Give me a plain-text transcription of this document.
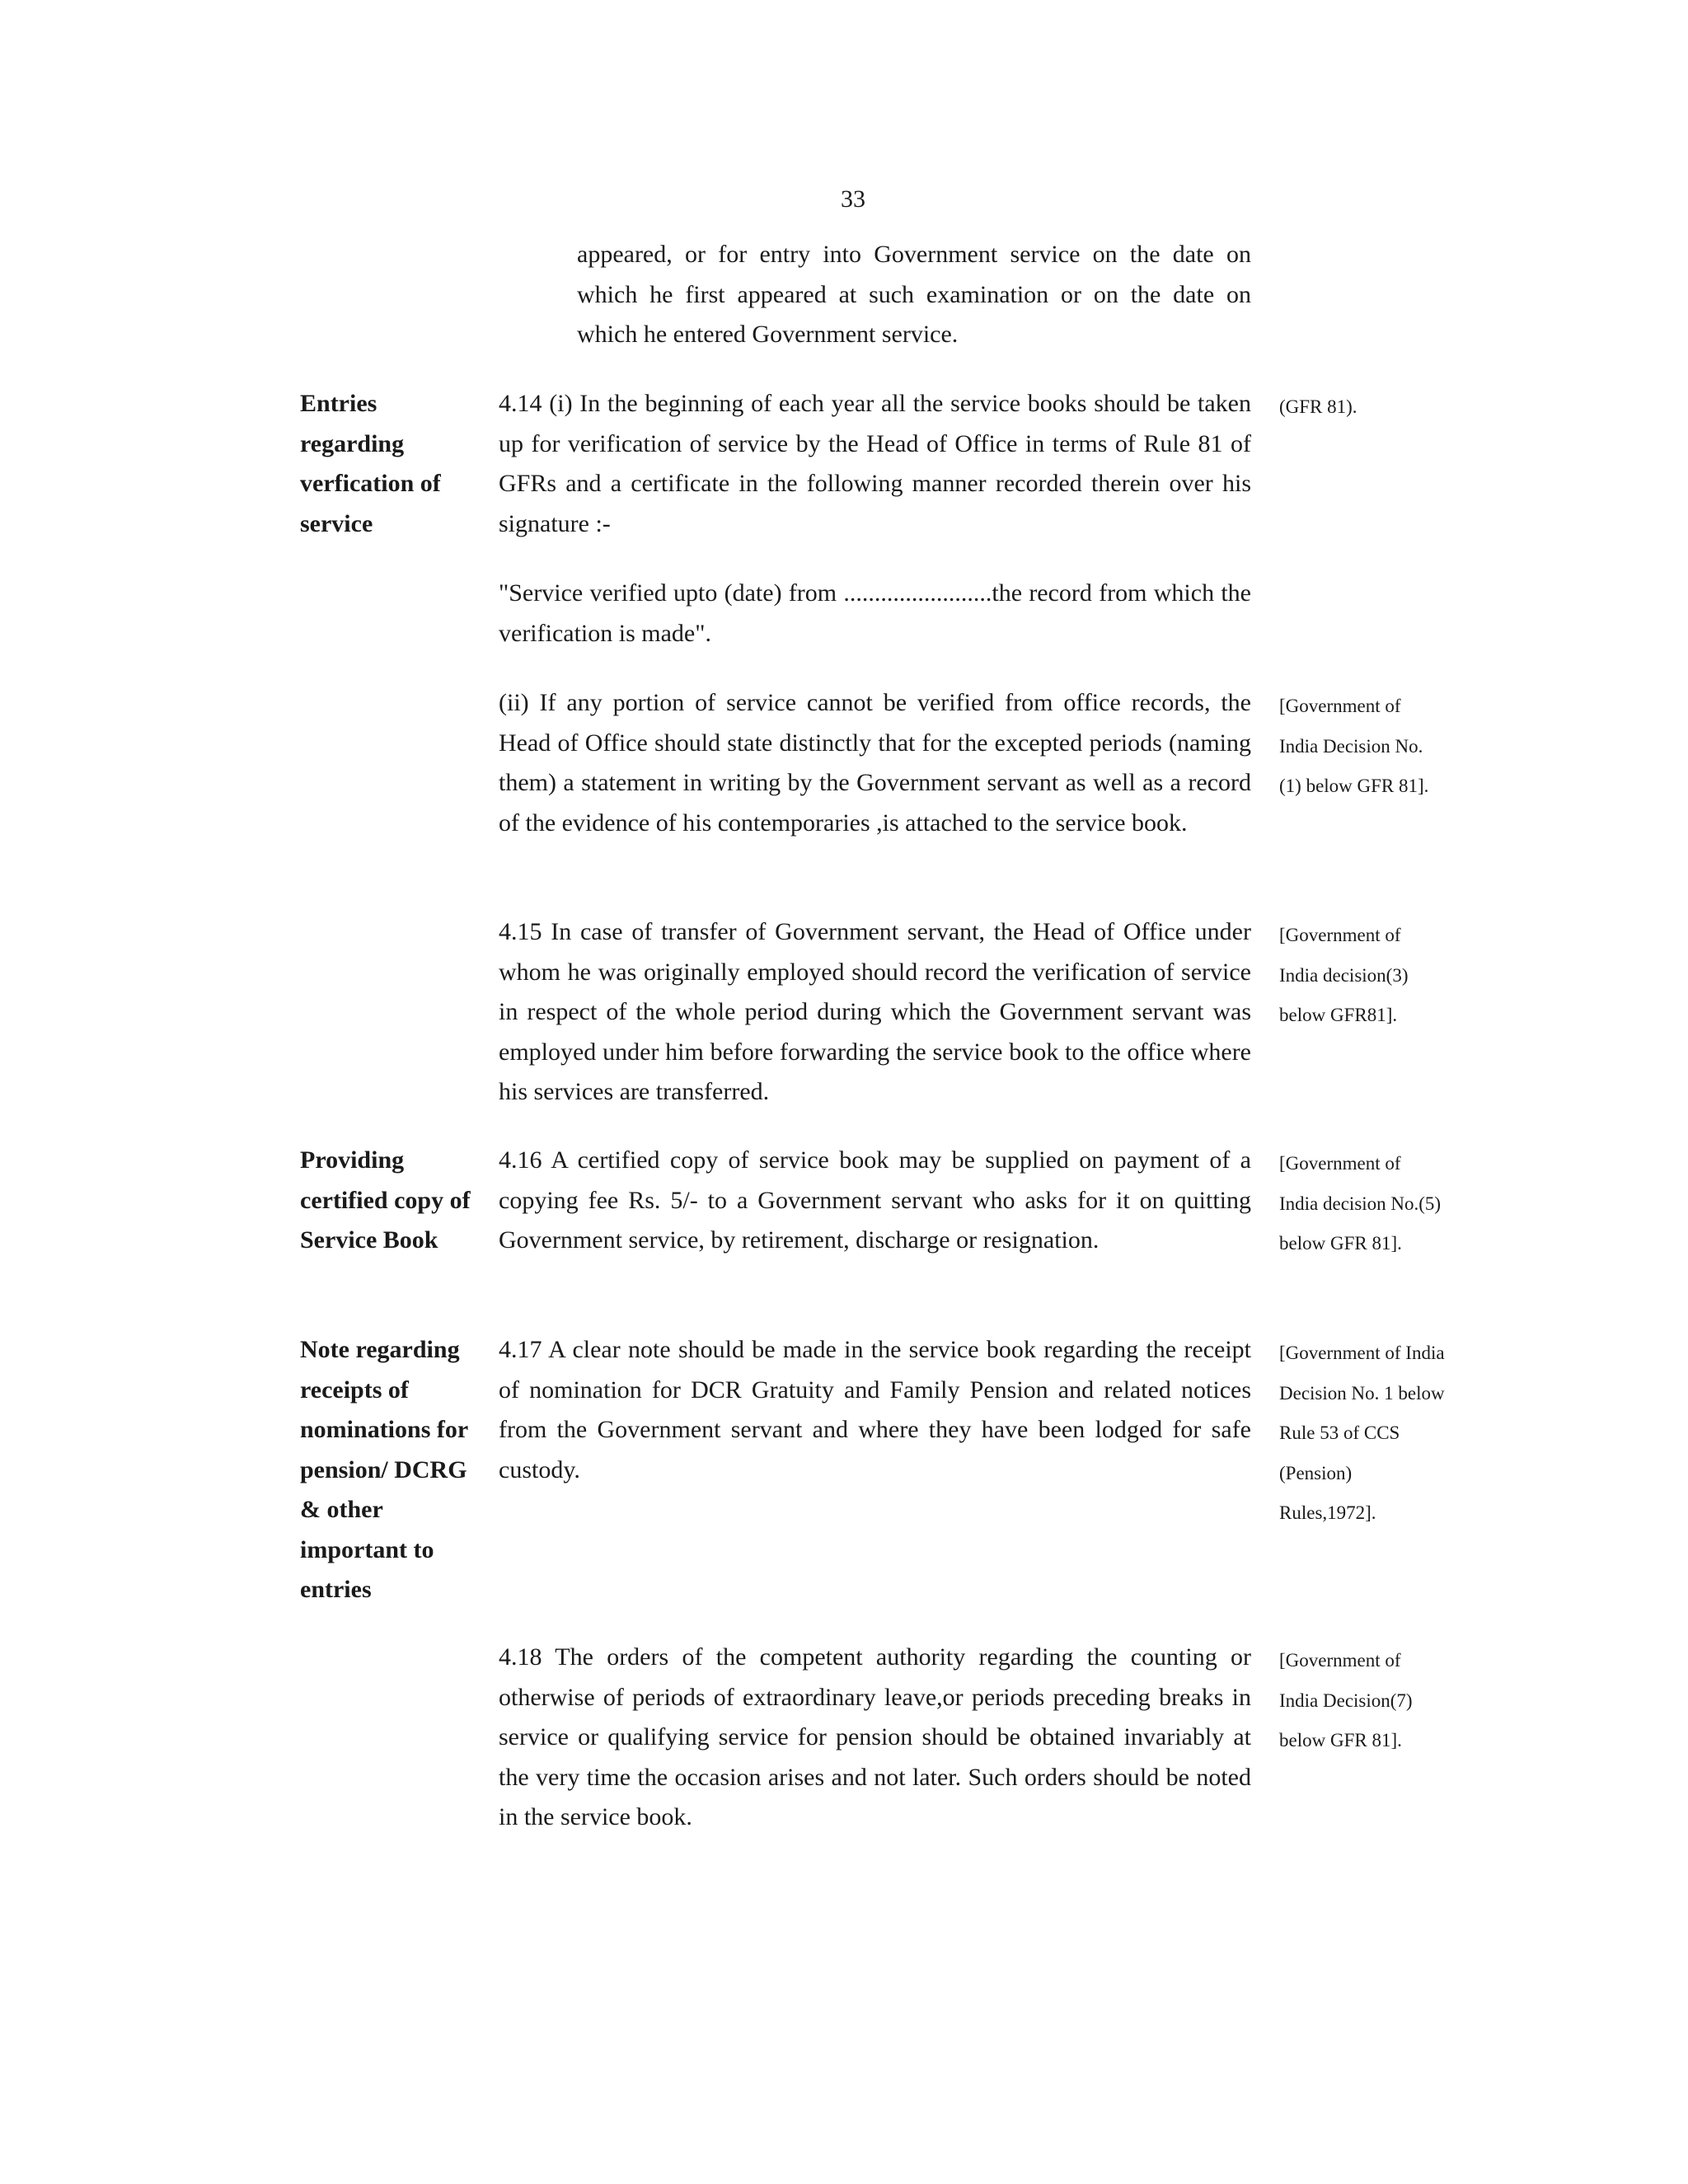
33

appeared, or for entry into Government service on the date on which he first appeared at such examination or on the date on which he entered Government service.

Entries regarding verfication of service
4.14 (i) In the beginning of each year all the service books should be taken up for verification of service by the Head of Office in terms of Rule 81 of GFRs and a certificate in the following manner recorded therein over his signature :-
(GFR 81).
"Service verified upto (date) from ........................the record from which the verification is made".
(ii) If any portion of service cannot be verified from office records, the Head of Office should state distinctly that for the excepted periods (naming them) a statement in writing by the Government servant as well as a record of the evidence of his contemporaries ,is attached to the service book.
[Government of India Decision No.(1) below GFR 81].
4.15 In case of transfer of Government servant, the Head of Office under whom he was originally employed should record the verification of service in respect of the whole period during which the Government servant was employed under him before forwarding the service book to the office where his services are transferred.
[Government of India decision(3) below GFR81].
Providing certified copy of Service Book
4.16 A certified copy of service book may be supplied on payment of a copying fee Rs. 5/- to a Government servant who asks for it on quitting Government service, by retirement, discharge or resignation.
[Government of India decision No.(5) below GFR 81].
Note regarding receipts of nominations for pension/ DCRG & other important to entries
4.17 A clear note should be made in the service book regarding the receipt of nomination for DCR Gratuity and Family Pension and related notices from the Government servant and where they have been lodged for safe custody.
[Government of India Decision No. 1 below Rule 53 of CCS (Pension) Rules,1972].
4.18 The orders of the competent authority regarding the counting or otherwise of periods of extraordinary leave,or periods preceding breaks in service or qualifying service for pension should be obtained invariably at the very time the occasion arises and not later. Such orders should be noted in the service book.
[Government of India Decision(7) below GFR 81].
